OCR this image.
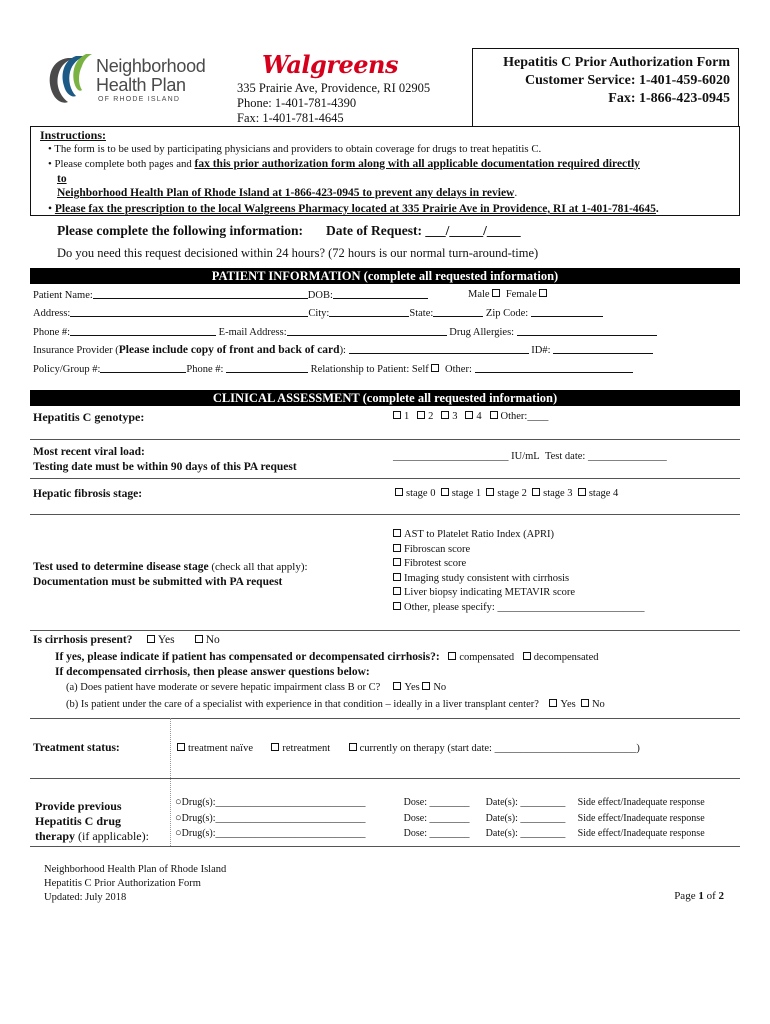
Neighborhood
Health Plan
OF RHODE ISLAND
Walgreens
335 Prairie Ave, Providence, RI 02905
Phone: 1-401-781-4390
Fax: 1-401-781-4645
Hepatitis C Prior Authorization Form
Customer Service: 1-401-459-6020
Fax: 1-866-423-0945
Instructions:
• The form is to be used by participating physicians and providers to obtain coverage for drugs to treat hepatitis C.
• Please complete both pages and fax this prior authorization form along with all applicable documentation required directly
to
Neighborhood Health Plan of Rhode Island at 1-866-423-0945 to prevent any delays in review.
• Please fax the prescription to the local Walgreens Pharmacy located at 335 Prairie Ave in Providence, RI at 1-401-781-4645.
Please complete the following information: Date of Request: ___/_____/_____
Do you need this request decisioned within 24 hours? (72 hours is our normal turn-around-time)
PATIENT INFORMATION (complete all requested information)
Patient Name:	DOB:	Male Female
Address:	City:	State:	Zip Code:
Phone #:	E-mail Address:	Drug Allergies:
Insurance Provider (Please include copy of front and back of card):	ID#:
Policy/Group #:	Phone #:	Relationship to Patient: Self Other:
CLINICAL ASSESSMENT (complete all requested information)
Hepatitis C genotype:	1 2 3 4 Other:____
Most recent viral load:
Testing date must be within 90 days of this PA request
______________________ IU/mL Test date: _______________
Hepatic fibrosis stage:	stage 0 stage 1 stage 2 stage 3 stage 4
Test used to determine disease stage (check all that apply):
Documentation must be submitted with PA request
AST to Platelet Ratio Index (APRI)
Fibroscan score
Fibrotest score
Imaging study consistent with cirrhosis
Liver biopsy indicating METAVIR score
Other, please specify: ____________________________
Is cirrhosis present? Yes	No
If yes, please indicate if patient has compensated or decompensated cirrhosis?: compensated decompensated
If decompensated cirrhosis, then please answer questions below:
(a) Does patient have moderate or severe hepatic impairment class B or C? Yes No
(b) Is patient under the care of a specialist with experience in that condition – ideally in a liver transplant center? Yes No
Treatment status:	treatment naïve	retreatment	currently on therapy (start date: ___________________________)
Provide previous
Hepatitis C drug
therapy (if applicable):
○Drug(s):______________________________	Dose: ________ Date(s): _________ Side effect/Inadequate response
○Drug(s):______________________________	Dose: ________ Date(s): _________ Side effect/Inadequate response
○Drug(s):______________________________	Dose: ________ Date(s): _________ Side effect/Inadequate response
Neighborhood Health Plan of Rhode Island
Hepatitis C Prior Authorization Form
Updated: July 2018	Page 1 of 2
